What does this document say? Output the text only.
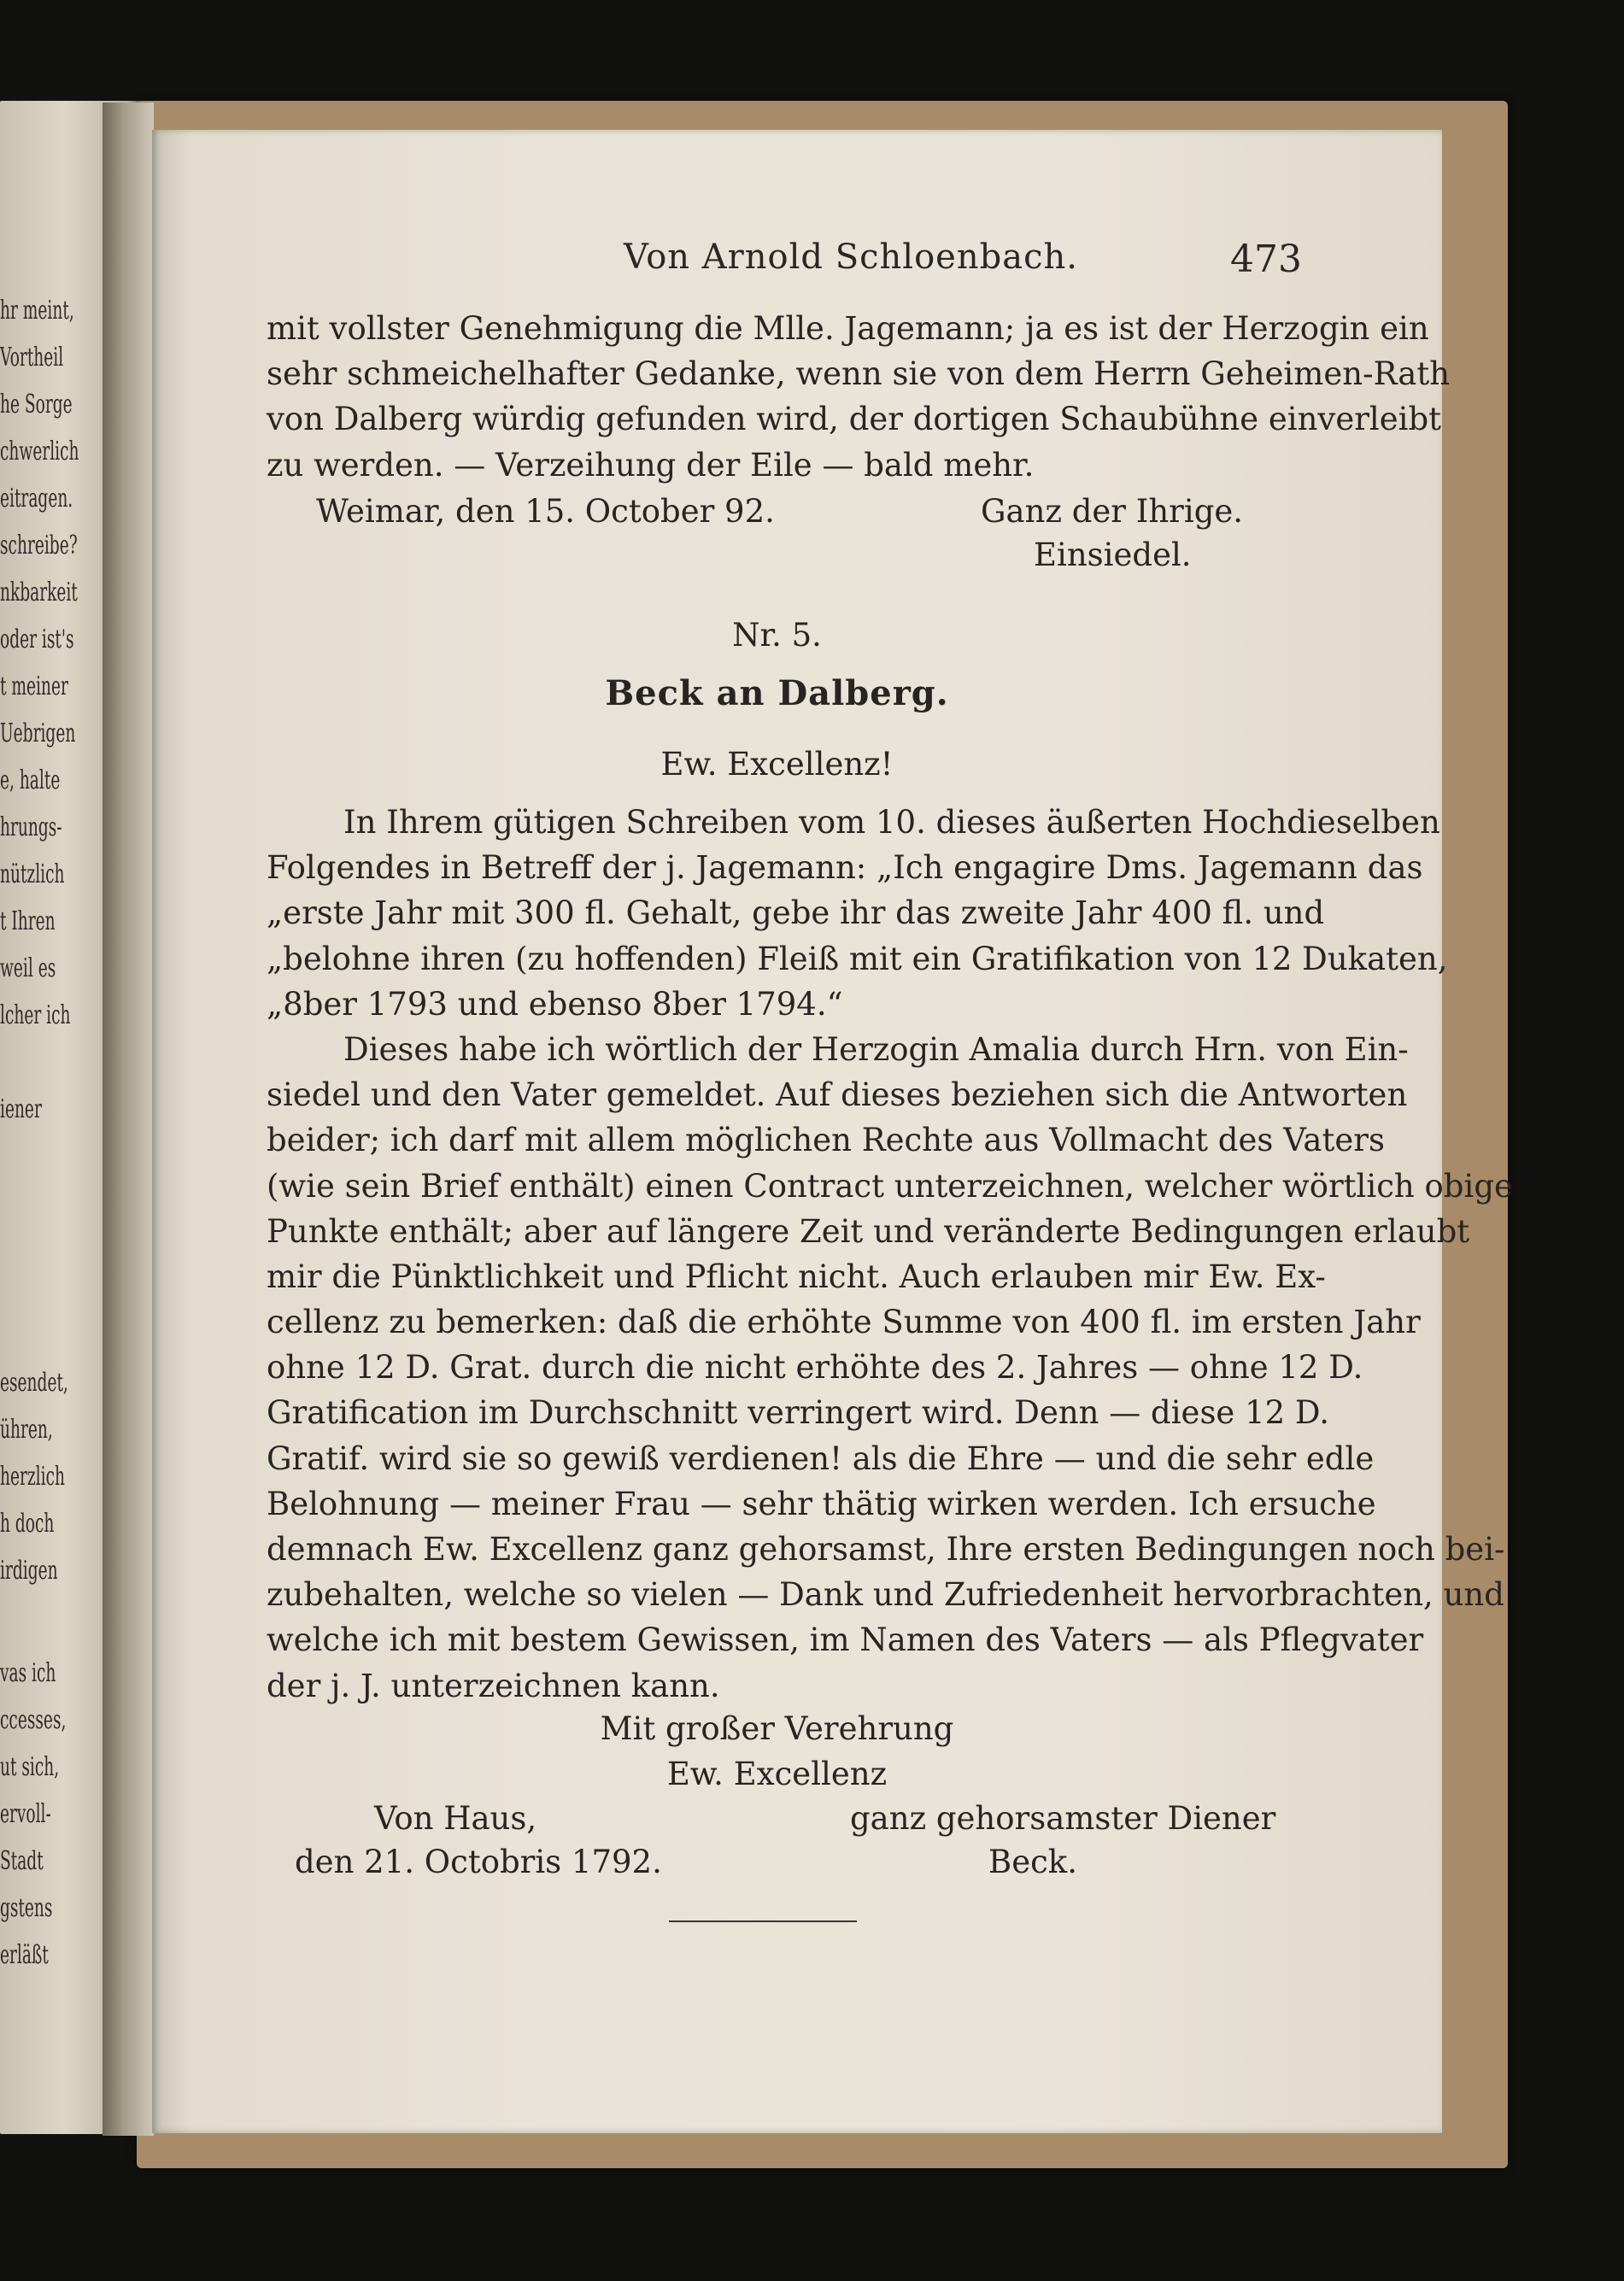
hr meint,
Vortheil
he Sorge
chwerlich
eitragen.
schreibe?
nkbarkeit
oder ist's
t meiner
Uebrigen
e, halte
hrungs-
nützlich
t Ihren
weil es
lcher ich
iener
esendet,
ühren,
herzlich
h doch
irdigen
vas ich
ccesses,
ut sich,
ervoll-
Stadt
gstens
erläßt
Von Arnold Schloenbach.	473
mit vollster Genehmigung die Mlle. Jagemann; ja es ist der Herzogin ein
sehr schmeichelhafter Gedanke, wenn sie von dem Herrn Geheimen-Rath
von Dalberg würdig gefunden wird, der dortigen Schaubühne einverleibt
zu werden. — Verzeihung der Eile — bald mehr.
Weimar, den 15. October 92.	Ganz der Ihrige.
Einsiedel.
Nr. 5.
Beck an Dalberg.
Ew. Excellenz!
In Ihrem gütigen Schreiben vom 10. dieses äußerten Hochdieselben
Folgendes in Betreff der j. Jagemann: „Ich engagire Dms. Jagemann das
„erste Jahr mit 300 fl. Gehalt, gebe ihr das zweite Jahr 400 fl. und
„belohne ihren (zu hoffenden) Fleiß mit ein Gratifikation von 12 Dukaten,
„8ber 1793 und ebenso 8ber 1794.“
Dieses habe ich wörtlich der Herzogin Amalia durch Hrn. von Ein-
siedel und den Vater gemeldet. Auf dieses beziehen sich die Antworten
beider; ich darf mit allem möglichen Rechte aus Vollmacht des Vaters
(wie sein Brief enthält) einen Contract unterzeichnen, welcher wörtlich obige
Punkte enthält; aber auf längere Zeit und veränderte Bedingungen erlaubt
mir die Pünktlichkeit und Pflicht nicht. Auch erlauben mir Ew. Ex-
cellenz zu bemerken: daß die erhöhte Summe von 400 fl. im ersten Jahr
ohne 12 D. Grat. durch die nicht erhöhte des 2. Jahres — ohne 12 D.
Gratification im Durchschnitt verringert wird. Denn — diese 12 D.
Gratif. wird sie so gewiß verdienen! als die Ehre — und die sehr edle
Belohnung — meiner Frau — sehr thätig wirken werden. Ich ersuche
demnach Ew. Excellenz ganz gehorsamst, Ihre ersten Bedingungen noch bei-
zubehalten, welche so vielen — Dank und Zufriedenheit hervorbrachten, und
welche ich mit bestem Gewissen, im Namen des Vaters — als Pflegvater
der j. J. unterzeichnen kann.
Mit großer Verehrung
Ew. Excellenz
Von Haus,
den 21. Octobris 1792.
ganz gehorsamster Diener
Beck.
